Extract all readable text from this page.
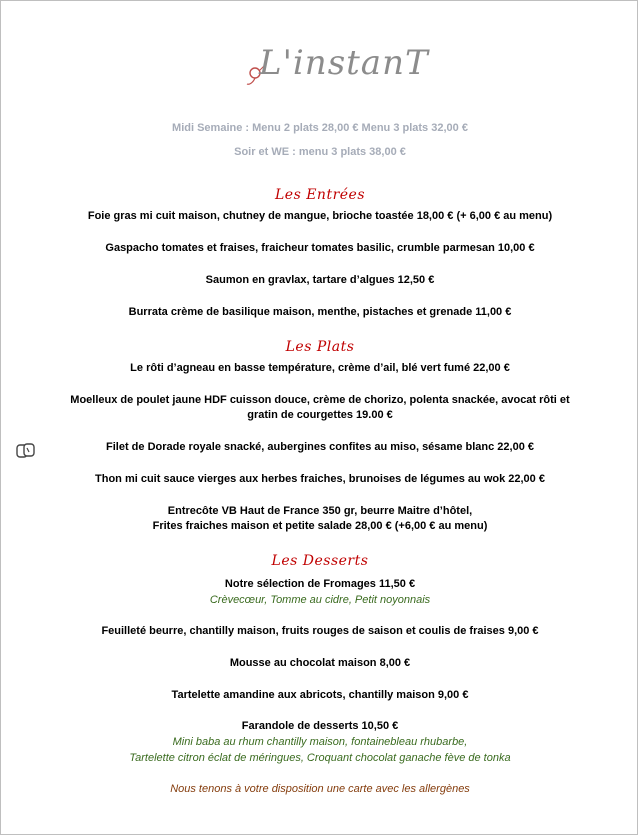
L'instanT
Midi Semaine : Menu 2 plats 28,00 € Menu 3 plats 32,00 €
Soir et WE : menu 3 plats 38,00 €
Les Entrées
Foie gras mi cuit maison, chutney de mangue, brioche toastée 18,00 € (+ 6,00 € au menu)
Gaspacho tomates et fraises, fraicheur tomates basilic, crumble parmesan 10,00 €
Saumon en gravlax, tartare d’algues 12,50 €
Burrata crème de basilique maison, menthe, pistaches et grenade 11,00 €
Les Plats
Le rôti d’agneau en basse température, crème d’ail, blé vert fumé 22,00 €
Moelleux de poulet jaune HDF cuisson douce, crème de chorizo, polenta snackée, avocat rôti et
gratin de courgettes 19.00 €
Filet de Dorade royale snacké, aubergines confites au miso, sésame blanc 22,00 €
Thon mi cuit sauce vierges aux herbes fraiches, brunoises de légumes au wok 22,00 €
Entrecôte VB Haut de France 350 gr, beurre Maitre d’hôtel,
Frites fraiches maison et petite salade 28,00 € (+6,00 € au menu)
Les Desserts
Notre sélection de Fromages 11,50 €
Crèvecœur, Tomme au cidre, Petit noyonnais
Feuilleté beurre, chantilly maison, fruits rouges de saison et coulis de fraises 9,00 €
Mousse au chocolat maison 8,00 €
Tartelette amandine aux abricots, chantilly maison 9,00 €
Farandole de desserts 10,50 €
Mini baba au rhum chantilly maison, fontainebleau rhubarbe,
Tartelette citron éclat de méringues, Croquant chocolat ganache fève de tonka
Nous tenons à votre disposition une carte avec les allergènes
